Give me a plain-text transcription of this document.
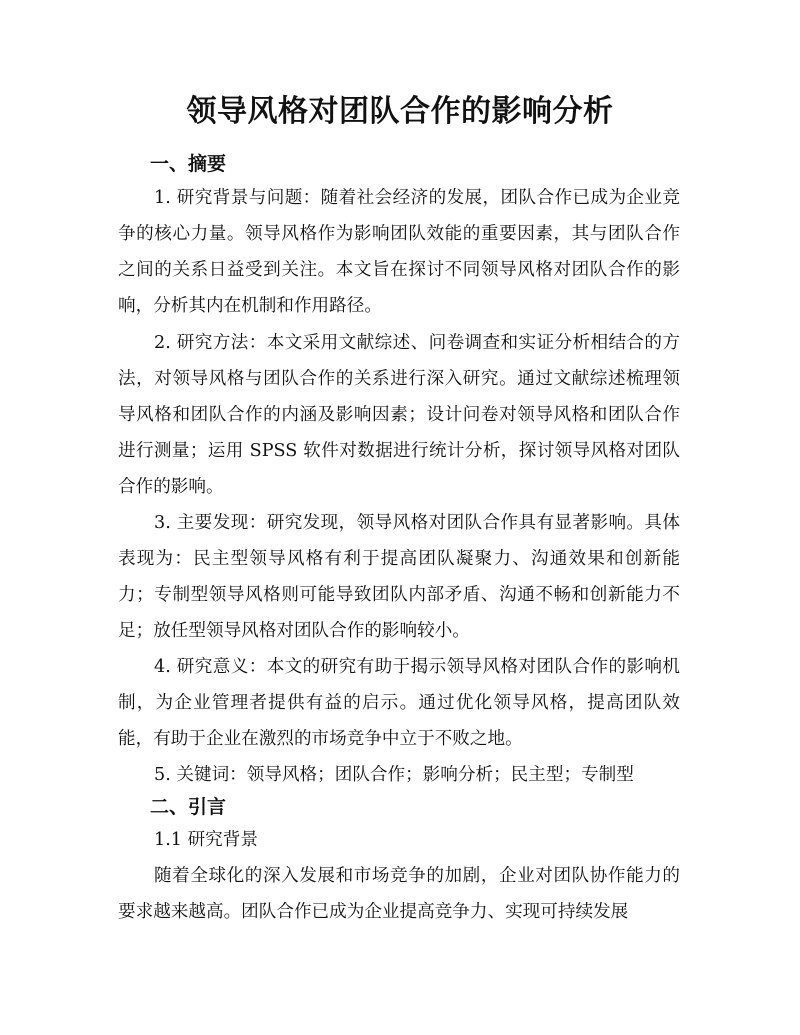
领导风格对团队合作的影响分析
一、摘要
1. 研究背景与问题：随着社会经济的发展，团队合作已成为企业竞争的核心力量。领导风格作为影响团队效能的重要因素，其与团队合作之间的关系日益受到关注。本文旨在探讨不同领导风格对团队合作的影响，分析其内在机制和作用路径。
2. 研究方法：本文采用文献综述、问卷调查和实证分析相结合的方法，对领导风格与团队合作的关系进行深入研究。通过文献综述梳理领导风格和团队合作的内涵及影响因素；设计问卷对领导风格和团队合作进行测量；运用 SPSS 软件对数据进行统计分析，探讨领导风格对团队合作的影响。
3. 主要发现：研究发现，领导风格对团队合作具有显著影响。具体表现为：民主型领导风格有利于提高团队凝聚力、沟通效果和创新能力；专制型领导风格则可能导致团队内部矛盾、沟通不畅和创新能力不足；放任型领导风格对团队合作的影响较小。
4. 研究意义：本文的研究有助于揭示领导风格对团队合作的影响机制，为企业管理者提供有益的启示。通过优化领导风格，提高团队效能，有助于企业在激烈的市场竞争中立于不败之地。
5. 关键词：领导风格；团队合作；影响分析；民主型；专制型
二、引言
1.1 研究背景
随着全球化的深入发展和市场竞争的加剧，企业对团队协作能力的要求越来越高。团队合作已成为企业提高竞争力、实现可持续发展
